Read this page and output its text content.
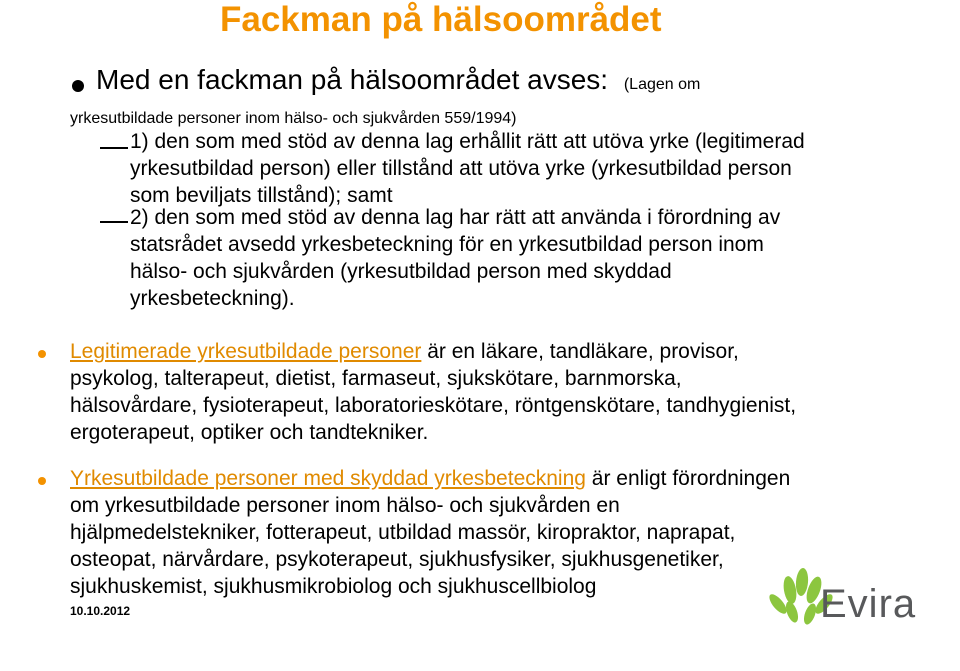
Fackman på hälsoområdet
Med en fackman på hälsoområdet avses: (Lagen om
yrkesutbildade personer inom hälso- och sjukvården 559/1994)
1) den som med stöd av denna lag erhållit rätt att utöva yrke (legitimerad
yrkesutbildad person) eller tillstånd att utöva yrke (yrkesutbildad person
som beviljats tillstånd); samt
2) den som med stöd av denna lag har rätt att använda i förordning av
statsrådet avsedd yrkesbeteckning för en yrkesutbildad person inom
hälso- och sjukvården (yrkesutbildad person med skyddad
yrkesbeteckning).
Legitimerade yrkesutbildade personer är en läkare, tandläkare, provisor,
psykolog, talterapeut, dietist, farmaseut, sjukskötare, barnmorska,
hälsovårdare, fysioterapeut, laboratorieskötare, röntgenskötare, tandhygienist,
ergoterapeut, optiker och tandtekniker.
Yrkesutbildade personer med skyddad yrkesbeteckning är enligt förordningen
om yrkesutbildade personer inom hälso- och sjukvården en
hjälpmedelstekniker, fotterapeut, utbildad massör, kiropraktor, naprapat,
osteopat, närvårdare, psykoterapeut, sjukhusfysiker, sjukhusgenetiker,
sjukhuskemist, sjukhusmikrobiolog och sjukhuscellbiolog
10.10.2012	Evira
